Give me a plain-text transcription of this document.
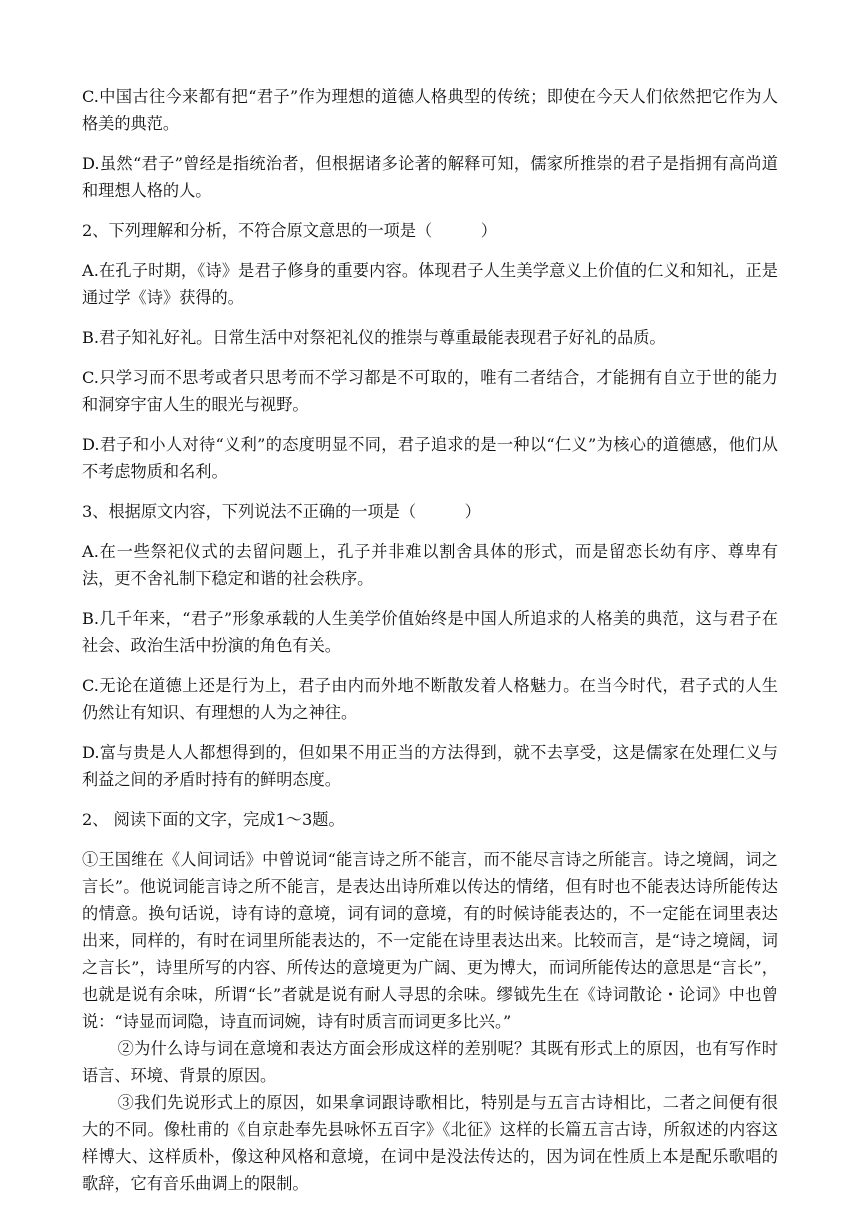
C.中国古往今来都有把“君子”作为理想的道德人格典型的传统；即使在今天人们依然把它作为人格美的典范。

D.虽然“君子”曾经是指统治者，但根据诸多论著的解释可知，儒家所推崇的君子是指拥有高尚道和理想人格的人。

2、下列理解和分析，不符合原文意思的一项是（　　　）

A.在孔子时期，《诗》是君子修身的重要内容。体现君子人生美学意义上价值的仁义和知礼，正是通过学《诗》获得的。

B.君子知礼好礼。日常生活中对祭祀礼仪的推崇与尊重最能表现君子好礼的品质。

C.只学习而不思考或者只思考而不学习都是不可取的，唯有二者结合，才能拥有自立于世的能力和洞穿宇宙人生的眼光与视野。

D.君子和小人对待“义利”的态度明显不同，君子追求的是一种以“仁义”为核心的道德感，他们从不考虑物质和名利。

3、根据原文内容，下列说法不正确的一项是（　　　）

A.在一些祭祀仪式的去留问题上，孔子并非难以割舍具体的形式，而是留恋长幼有序、尊卑有法，更不舍礼制下稳定和谐的社会秩序。

B.几千年来，“君子”形象承载的人生美学价值始终是中国人所追求的人格美的典范，这与君子在社会、政治生活中扮演的角色有关。

C.无论在道德上还是行为上，君子由内而外地不断散发着人格魅力。在当今时代，君子式的人生仍然让有知识、有理想的人为之神往。

D.富与贵是人人都想得到的，但如果不用正当的方法得到，就不去享受，这是儒家在处理仁义与利益之间的矛盾时持有的鲜明态度。

2、 阅读下面的文字，完成1～3题。

①王国维在《人间词话》中曾说词“能言诗之所不能言，而不能尽言诗之所能言。诗之境阔，词之言长”。他说词能言诗之所不能言，是表达出诗所难以传达的情绪，但有时也不能表达诗所能传达的情意。换句话说，诗有诗的意境，词有词的意境，有的时候诗能表达的，不一定能在词里表达出来，同样的，有时在词里所能表达的，不一定能在诗里表达出来。比较而言，是“诗之境阔，词之言长”，诗里所写的内容、所传达的意境更为广阔、更为博大，而词所能传达的意思是“言长”，也就是说有余味，所谓“长”者就是说有耐人寻思的余味。缪钺先生在《诗词散论・论词》中也曾说：“诗显而词隐，诗直而词婉，诗有时质言而词更多比兴。”

②为什么诗与词在意境和表达方面会形成这样的差别呢？其既有形式上的原因，也有写作时语言、环境、背景的原因。

③我们先说形式上的原因，如果拿词跟诗歌相比，特别是与五言古诗相比，二者之间便有很大的不同。像杜甫的《自京赴奉先县咏怀五百字》《北征》这样的长篇五言古诗，所叙述的内容这样博大、这样质朴，像这种风格和意境，在词中是没法传达的，因为词在性质上本是配乐歌唱的歌辞，它有音乐曲调上的限制。
